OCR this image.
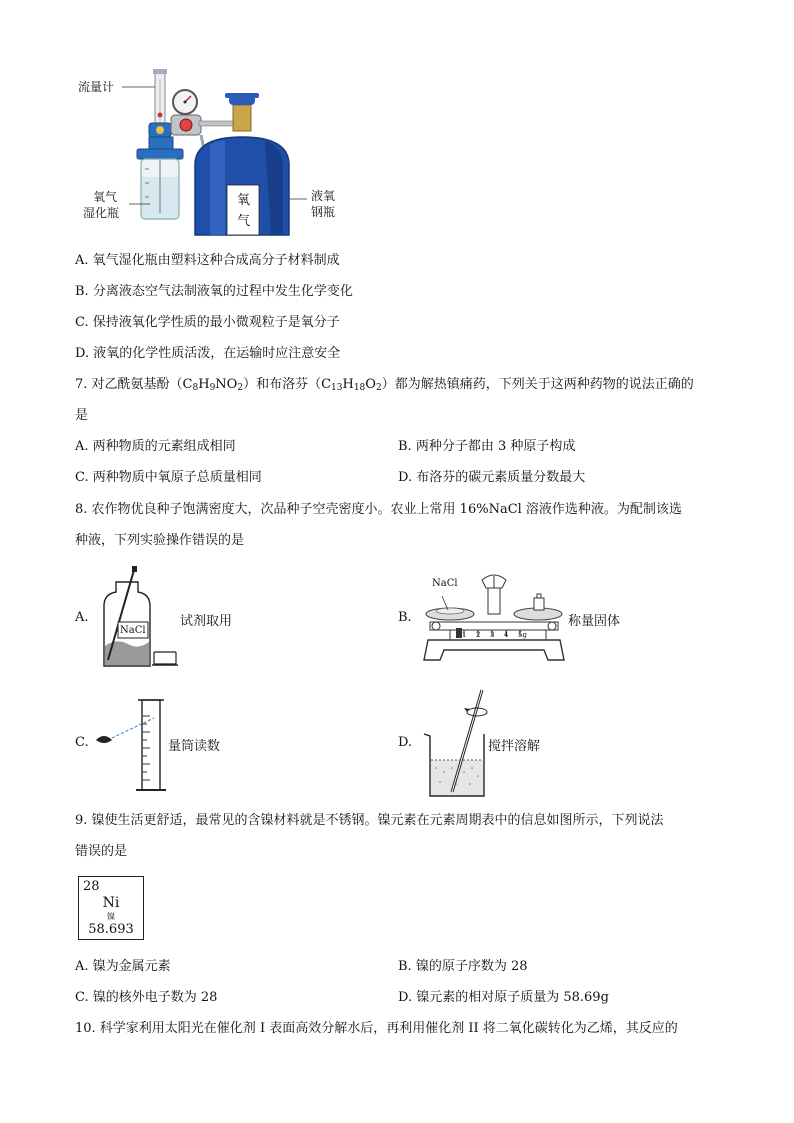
流量计
氧气
湿化瓶
氧
气
液氧
钢瓶
A. 氧气湿化瓶由塑料这种合成高分子材料制成
B. 分离液态空气法制液氧的过程中发生化学变化
C. 保持液氧化学性质的最小微观粒子是氧分子
D. 液氧的化学性质活泼，在运输时应注意安全
7. 对乙酰氨基酚$(C_8H_9NO_2)$和布洛芬$(C_{13}H_{18}O_2)$都为解热镇痛药，下列关于这两种药物的说法正确的
是
A. 两种物质的元素组成相同	B. 两种分子都由 3 种原子构成
C. 两种物质中氧原子总质量相同	D. 布洛芬的碳元素质量分数最大
8. 农作物优良种子饱满密度大，次品种子空壳密度小。农业上常用 16%NaCl 溶液作选种液。为配制该选
种液，下列实验操作错误的是
A.
NaCl
试剂取用	B.
NaCl
1 2 3 4 5g
称量固体
C.	量筒读数	D.	搅拌溶解
9. 镍使生活更舒适，最常见的含镍材料就是不锈钢。镍元素在元素周期表中的信息如图所示，下列说法
错误的是
28
Ni
镍
58.693
A. 镍为金属元素	B. 镍的原子序数为 28
C. 镍的核外电子数为 28	D. 镍元素的相对原子质量为 58.69g
10. 科学家利用太阳光在催化剂 I 表面高效分解水后，再利用催化剂 II 将二氧化碳转化为乙烯，其反应的
